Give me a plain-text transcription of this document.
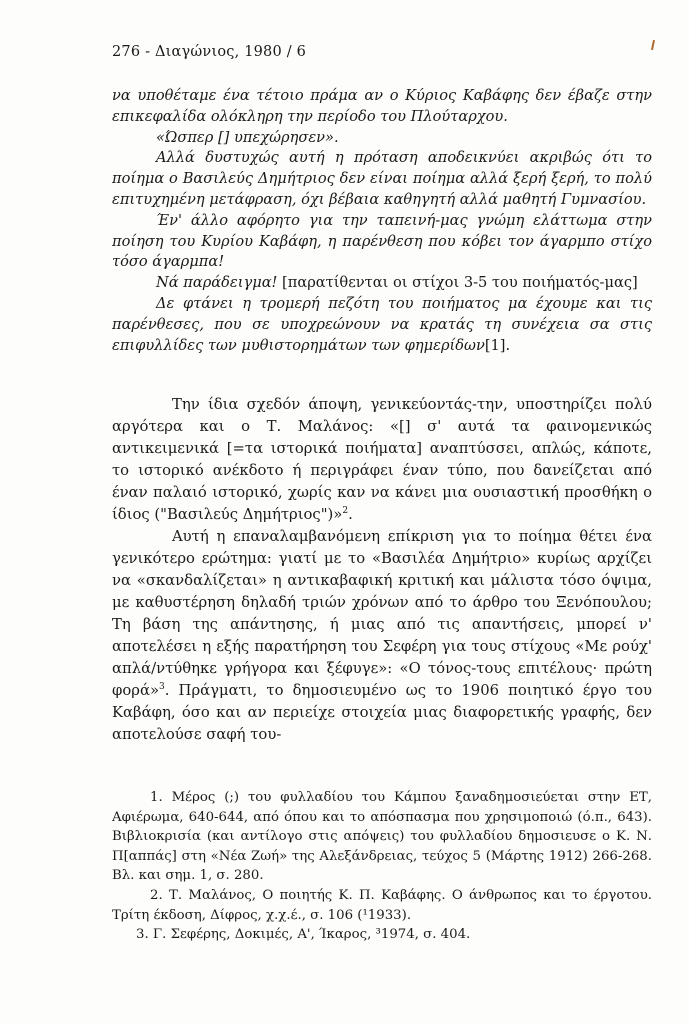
276 - Διαγώνιος, 1980 / 6

να υποθέταμε ένα τέτοιο πράμα αν ο Κύριος Καβάφης δεν έβαζε στην επικεφαλίδα ολόκληρη την περίοδο του Πλούταρχου.

«Ώσπερ [] υπεχώρησεν».

Αλλά δυστυχώς αυτή η πρόταση αποδεικνύει ακριβώς ότι το ποίημα ο Βασιλεύς Δημήτριος δεν είναι ποίημα αλλά ξερή ξερή, το πολύ επιτυχημένη μετάφραση, όχι βέβαια καθηγητή αλλά μαθητή Γυμνασίου.

Έν' άλλο αφόρητο για την ταπεινή-μας γνώμη ελάττωμα στην ποίηση του Κυρίου Καβάφη, η παρένθεση που κόβει τον άγαρμπο στίχο τόσο άγαρμπα!

Νά παράδειγμα! [παρατίθενται οι στίχοι 3-5 του ποιήματός-μας]

Δε φτάνει η τρομερή πεζότη του ποιήματος μα έχουμε και τις παρένθεσες, που σε υποχρεώνουν να κρατάς τη συνέχεια σα στις επιφυλλίδες των μυθιστορημάτων των φημερίδων[1].

Την ίδια σχεδόν άποψη, γενικεύοντάς-την, υποστηρίζει πολύ αργότερα και ο Τ. Μαλάνος: «[] σ' αυτά τα φαινομενικώς αντικειμενικά [=τα ιστορικά ποιήματα] αναπτύσσει, απλώς, κάποτε, το ιστορικό ανέκδοτο ή περιγράφει έναν τύπο, που δανείζεται από έναν παλαιό ιστορικό, χωρίς καν να κάνει μια ουσιαστική προσθήκη ο ίδιος ("Βασιλεύς Δημήτριος")»$^2$.

Αυτή η επαναλαμβανόμενη επίκριση για το ποίημα θέτει ένα γενικότερο ερώτημα: γιατί με το «Βασιλέα Δημήτριο» κυρίως αρχίζει να «σκανδαλίζεται» η αντικαβαφική κριτική και μάλιστα τόσο όψιμα, με καθυστέρηση δηλαδή τριών χρόνων από το άρθρο του Ξενόπουλου; Τη βάση της απάντησης, ή μιας από τις απαντήσεις, μπορεί ν' αποτελέσει η εξής παρατήρηση του Σεφέρη για τους στίχους «Με ρούχ' απλά/ντύθηκε γρήγορα και ξέφυγε»: «Ο τόνος-τους επιτέλους· πρώτη φορά»$^3$. Πράγματι, το δημοσιευμένο ως το 1906 ποιητικό έργο του Καβάφη, όσο και αν περιείχε στοιχεία μιας διαφορετικής γραφής, δεν αποτελούσε σαφή του-

1. Μέρος (;) του φυλλαδίου του Κάμπου ξαναδημοσιεύεται στην ΕΤ, Αφιέρωμα, 640-644, από όπου και το απόσπασμα που χρησιμοποιώ (ό.π., 643). Βιβλιοκρισία (και αντίλογο στις απόψεις) του φυλλαδίου δημοσιευσε ο Κ. Ν. Π[αππάς] στη «Νέα Ζωή» της Αλεξάνδρειας, τεύχος 5 (Μάρτης 1912) 266-268. Βλ. και σημ. 1, σ. 280.

2. Τ. Μαλάνος, Ο ποιητής Κ. Π. Καβάφης. Ο άνθρωπος και το έργοτου. Τρίτη έκδοση, Δίφρος, χ.χ.έ., σ. 106 (¹1933).

3. Γ. Σεφέρης, Δοκιμές, Α', Ίκαρος, ³1974, σ. 404.
